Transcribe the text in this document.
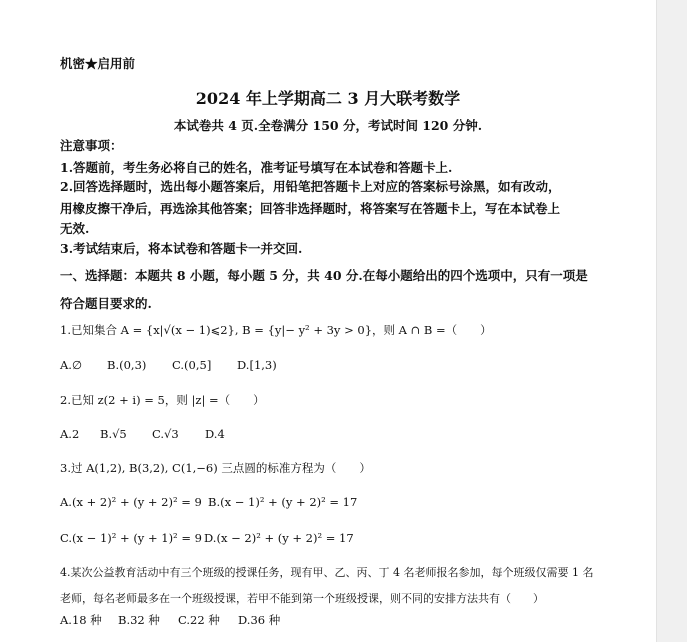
机密★启用前
2024 年上学期高二 3 月大联考数学
本试卷共 4 页.全卷满分 150 分，考试时间 120 分钟.
注意事项：
1.答题前，考生务必将自己的姓名，准考证号填写在本试卷和答题卡上.
2.回答选择题时，选出每小题答案后，用铅笔把答题卡上对应的答案标号涂黑，如有改动，
用橡皮擦干净后，再选涂其他答案；回答非选择题时，将答案写在答题卡上，写在本试卷上
无效.
3.考试结束后，将本试卷和答题卡一并交回.
一、选择题：本题共 8 小题，每小题 5 分，共 40 分.在每小题给出的四个选项中，只有一项是
符合题目要求的.
1.已知集合 A = {x|√(x − 1)⩽2}, B = {y|− y² + 3y > 0}，则 A ∩ B =（　　）
A.∅ B.(0,3) C.(0,5] D.[1,3)
2.已知 z(2 + i) = 5，则 |z| =（　　）
A.2 B.√5 C.√3 D.4
3.过 A(1,2), B(3,2), C(1,−6) 三点圆的标准方程为（　　）
A.(x + 2)² + (y + 2)² = 9 B.(x − 1)² + (y + 2)² = 17
C.(x − 1)² + (y + 1)² = 9 D.(x − 2)² + (y + 2)² = 17
4.某次公益教育活动中有三个班级的授课任务，现有甲、乙、丙、丁 4 名老师报名参加，每个班级仅需要 1 名
老师，每名老师最多在一个班级授课，若甲不能到第一个班级授课，则不同的安排方法共有（　　）
A.18 种 B.32 种 C.22 种 D.36 种
